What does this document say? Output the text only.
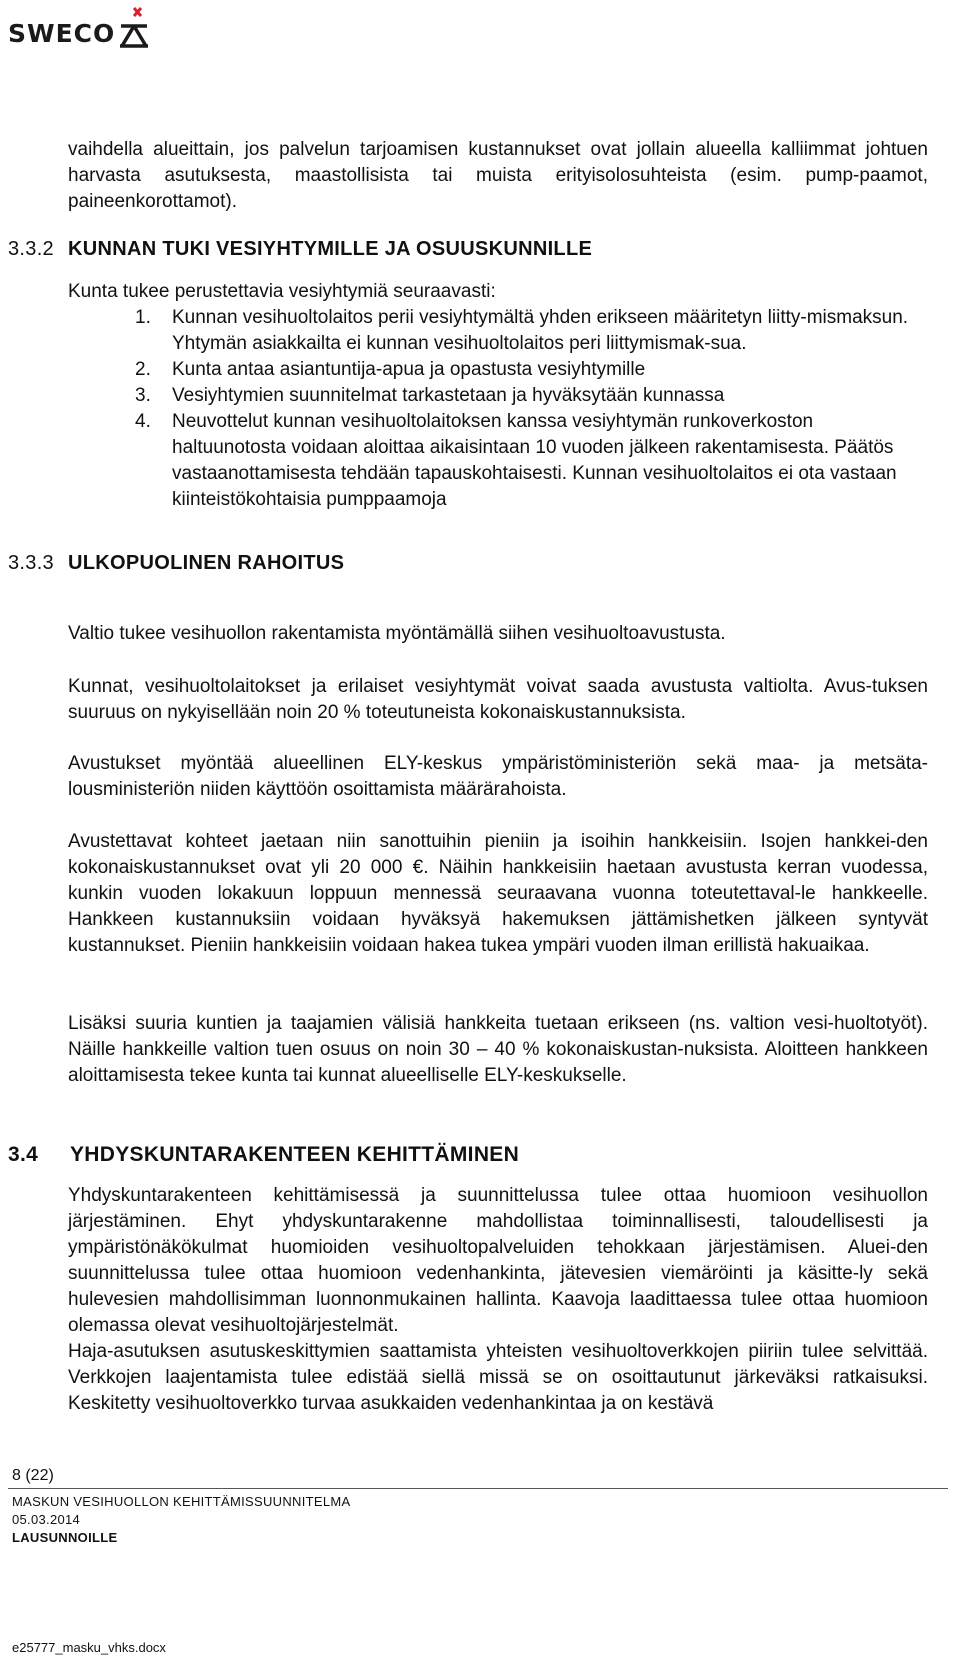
SWECO

vaihdella alueittain, jos palvelun tarjoamisen kustannukset ovat jollain alueella kalliimmat johtuen harvasta asutuksesta, maastollisista tai muista erityisolosuhteista (esim. pump-paamot, paineenkorottamot).

3.3.2 KUNNAN TUKI VESIYHTYMILLE JA OSUUSKUNNILLE

Kunta tukee perustettavia vesiyhtymiä seuraavasti:

1. Kunnan vesihuoltolaitos perii vesiyhtymältä yhden erikseen määritetyn liitty-mismaksun. Yhtymän asiakkailta ei kunnan vesihuoltolaitos peri liittymismak-sua.
2. Kunta antaa asiantuntija-apua ja opastusta vesiyhtymille
3. Vesiyhtymien suunnitelmat tarkastetaan ja hyväksytään kunnassa
4. Neuvottelut kunnan vesihuoltolaitoksen kanssa vesiyhtymän runkoverkoston haltuunotosta voidaan aloittaa aikaisintaan 10 vuoden jälkeen rakentamisesta. Päätös vastaanottamisesta tehdään tapauskohtaisesti. Kunnan vesihuoltolaitos ei ota vastaan kiinteistökohtaisia pumppaamoja
3.3.3 ULKOPUOLINEN RAHOITUS

Valtio tukee vesihuollon rakentamista myöntämällä siihen vesihuoltoavustusta.

Kunnat, vesihuoltolaitokset ja erilaiset vesiyhtymät voivat saada avustusta valtiolta. Avus-tuksen suuruus on nykyisellään noin 20 % toteutuneista kokonaiskustannuksista.

Avustukset myöntää alueellinen ELY-keskus ympäristöministeriön sekä maa- ja metsäta-lousministeriön niiden käyttöön osoittamista määrärahoista.

Avustettavat kohteet jaetaan niin sanottuihin pieniin ja isoihin hankkeisiin. Isojen hankkei-den kokonaiskustannukset ovat yli 20 000 €. Näihin hankkeisiin haetaan avustusta kerran vuodessa, kunkin vuoden lokakuun loppuun mennessä seuraavana vuonna toteutettaval-le hankkeelle. Hankkeen kustannuksiin voidaan hyväksyä hakemuksen jättämishetken jälkeen syntyvät kustannukset. Pieniin hankkeisiin voidaan hakea tukea ympäri vuoden ilman erillistä hakuaikaa.

Lisäksi suuria kuntien ja taajamien välisiä hankkeita tuetaan erikseen (ns. valtion vesi-huoltotyöt). Näille hankkeille valtion tuen osuus on noin 30 – 40 % kokonaiskustan-nuksista. Aloitteen hankkeen aloittamisesta tekee kunta tai kunnat alueelliselle ELY-keskukselle.

3.4 YHDYSKUNTARAKENTEEN KEHITTÄMINEN

Yhdyskuntarakenteen kehittämisessä ja suunnittelussa tulee ottaa huomioon vesihuollon järjestäminen. Ehyt yhdyskuntarakenne mahdollistaa toiminnallisesti, taloudellisesti ja ympäristönäkökulmat huomioiden vesihuoltopalveluiden tehokkaan järjestämisen. Aluei-den suunnittelussa tulee ottaa huomioon vedenhankinta, jätevesien viemäröinti ja käsitte-ly sekä hulevesien mahdollisimman luonnonmukainen hallinta. Kaavoja laadittaessa tulee ottaa huomioon olemassa olevat vesihuoltojärjestelmät.

Haja-asutuksen asutuskeskittymien saattamista yhteisten vesihuoltoverkkojen piiriin tulee selvittää. Verkkojen laajentamista tulee edistää siellä missä se on osoittautunut järkeväksi ratkaisuksi. Keskitetty vesihuoltoverkko turvaa asukkaiden vedenhankintaa ja on kestävä

8 (22)
MASKUN VESIHUOLLON KEHITTÄMISSUUNNITELMA
05.03.2014
LAUSUNNOILLE
e25777_masku_vhks.docx
